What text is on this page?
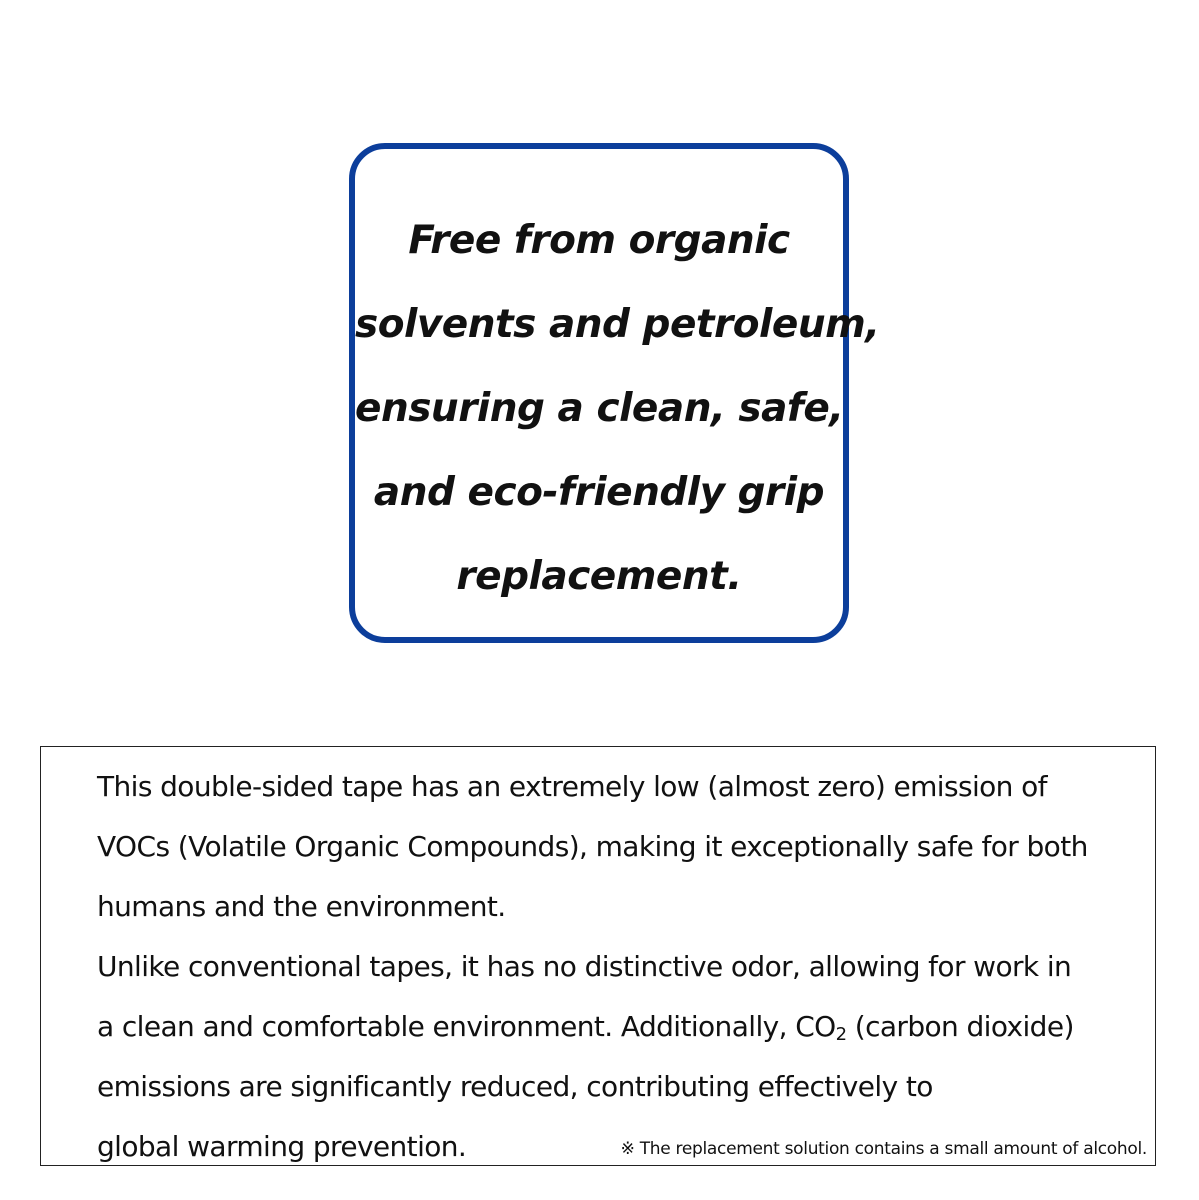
Free from organic
solvents and petroleum,
ensuring a clean, safe,
and eco-friendly grip
replacement.
This double-sided tape has an extremely low (almost zero) emission of
VOCs (Volatile Organic Compounds), making it exceptionally safe for both
humans and the environment.
Unlike conventional tapes, it has no distinctive odor, allowing for work in
a clean and comfortable environment. Additionally, $CO_2$ (carbon dioxide)
emissions are significantly reduced, contributing effectively to
global warming prevention.	※ The replacement solution contains a small amount of alcohol.
